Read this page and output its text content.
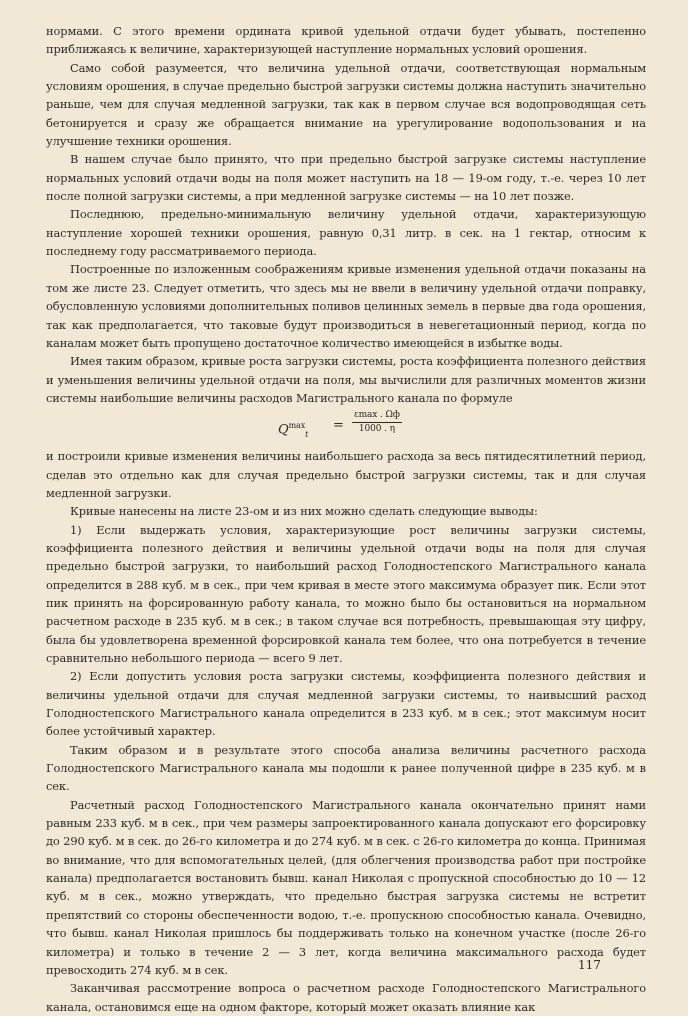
нормами. С этого времени ордината кривой удельной отдачи будет убывать, постепенно приближаясь к величине, характеризующей наступление нормальных условий орошения.

Само собой разумеется, что величина удельной отдачи, соответствующая нормальным условиям орошения, в случае предельно быстрой загрузки системы должна наступить значительно раньше, чем для случая медленной загрузки, так как в первом случае вся водопроводящая сеть бетонируется и сразу же обращается внимание на урегулирование водопользования и на улучшение техники орошения.

В нашем случае было принято, что при предельно быстрой загрузке системы наступление нормальных условий отдачи воды на поля может наступить на 18 — 19-ом году, т.-е. через 10 лет после полной загрузки системы, а при медленной загрузке системы — на 10 лет позже.

Последнюю, предельно-минимальную величину удельной отдачи, характеризующую наступление хорошей техники орошения, равную 0,31 литр. в сек. на 1 гектар, относим к последнему году рассматриваемого периода.

Построенные по изложенным соображениям кривые изменения удельной отдачи показаны на том же листе 23. Следует отметить, что здесь мы не ввели в величину удельной отдачи поправку, обусловленную условиями дополнительных поливов целинных земель в первые два года орошения, так как предполагается, что таковые будут производиться в невегетационный период, когда по каналам может быть пропущено достаточное количество имеющейся в избытке воды.

Имея таким образом, кривые роста загрузки системы, роста коэффициента полезного действия и уменьшения величины удельной отдачи на поля, мы вычислили для различных моментов жизни системы наибольшие величины расходов Магистрального канала по формуле

$Q^{max}_t$
=
εmax . Ωф
1000 . η

и построили кривые изменения величины наибольшего расхода за весь пятидесятилетний период, сделав это отдельно как для случая предельно быстрой загрузки системы, так и для случая медленной загрузки.

Кривые нанесены на листе 23-ом и из них можно сделать следующие выводы:

1) Если выдержать условия, характеризующие рост величины загрузки системы, коэффициента полезного действия и величины удельной отдачи воды на поля для случая предельно быстрой загрузки, то наибольший расход Голодностепского Магистрального канала определится в 288 куб. м в сек., при чем кривая в месте этого максимума образует пик. Если этот пик принять на форсированную работу канала, то можно было бы остановиться на нормальном расчетном расходе в 235 куб. м в сек.; в таком случае вся потребность, превышающая эту цифру, была бы удовлетворена временной форсировкой канала тем более, что она потребуется в течение сравнительно небольшого периода — всего 9 лет.

2) Если допустить условия роста загрузки системы, коэффициента полезного действия и величины удельной отдачи для случая медленной загрузки системы, то наивысший расход Голодностепского Магистрального канала определится в 233 куб. м в сек.; этот максимум носит более устойчивый характер.

Таким образом и в результате этого способа анализа величины расчетного расхода Голодностепского Магистрального канала мы подошли к ранее полученной цифре в 235 куб. м в сек.

Расчетный расход Голодностепского Магистрального канала окончательно принят нами равным 233 куб. м в сек., при чем размеры запроектированного канала допускают его форсировку до 290 куб. м в сек. до 26-го километра и до 274 куб. м в сек. с 26-го километра до конца. Принимая во внимание, что для вспомогательных целей, (для облегчения производства работ при постройке канала) предполагается востановить бывш. канал Николая с пропускной способностью до 10 — 12 куб. м в сек., можно утверждать, что предельно быстрая загрузка системы не встретит препятствий со стороны обеспеченности водою, т.-е. пропускною способностью канала. Очевидно, что бывш. канал Николая пришлось бы поддерживать только на конечном участке (после 26-го километра) и только в течение 2 — 3 лет, когда величина максимального расхода будет превосходить 274 куб. м в сек.

Заканчивая рассмотрение вопроса о расчетном расходе Голодностепского Магистрального канала, остановимся еще на одном факторе, который может оказать влияние как

117
